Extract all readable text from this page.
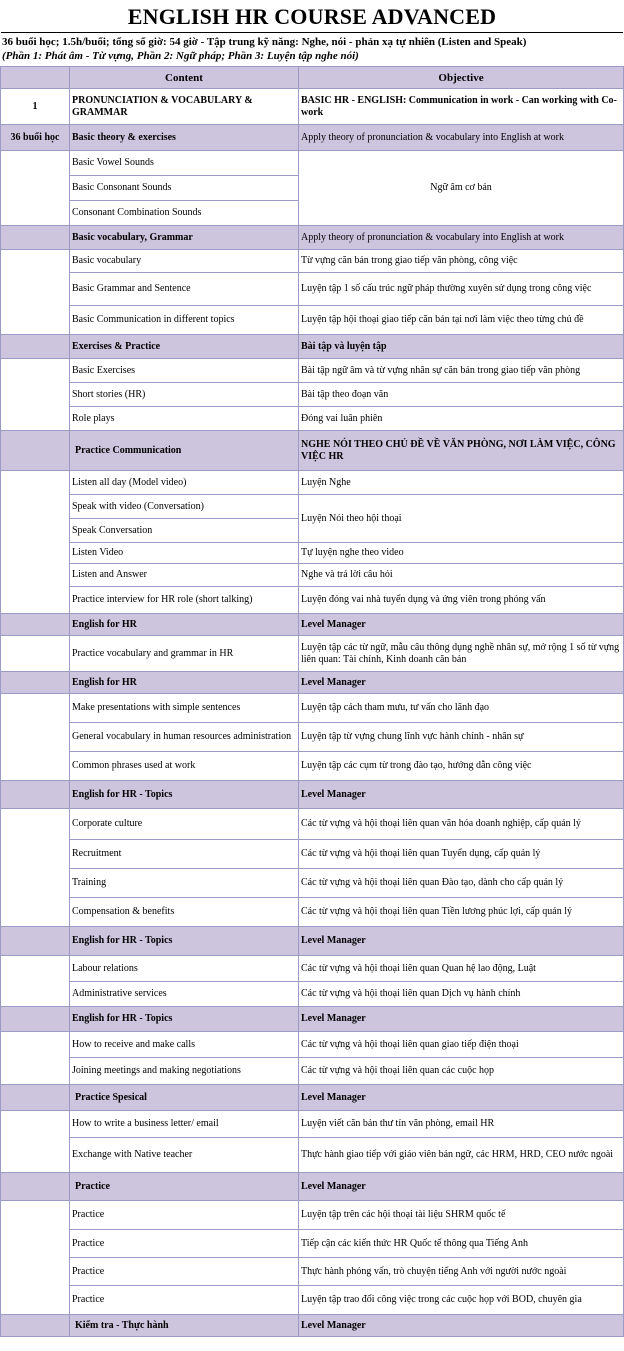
ENGLISH HR COURSE ADVANCED
36 buổi học; 1.5h/buổi; tổng số giờ: 54 giờ - Tập trung kỹ năng: Nghe, nói - phản xạ tự nhiên (Listen and Speak)
(Phần 1: Phát âm - Từ vựng, Phần 2: Ngữ pháp; Phần 3: Luyện tập nghe nói)
	Content	Objective
1	PRONUNCIATION & VOCABULARY & GRAMMAR	BASIC HR - ENGLISH: Communication in work - Can working with Co-work
36 buổi học	Basic theory & exercises	Apply theory of pronunciation & vocabulary into English at work
	Basic Vowel Sounds	Ngữ âm cơ bản
	Basic Consonant Sounds	
	Consonant Combination Sounds	
	Basic vocabulary, Grammar	Apply theory of pronunciation & vocabulary into English at work
	Basic vocabulary	Từ vựng căn bản trong giao tiếp văn phòng, công việc
	Basic Grammar and Sentence	Luyện tập 1 số cấu trúc ngữ pháp thường xuyên sử dụng trong công việc
	Basic Communication in different topics	Luyện tập hội thoại giao tiếp căn bản tại nơi làm việc theo từng chủ đề
	Exercises & Practice	Bài tập và luyện tập
	Basic Exercises	Bài tập ngữ âm và từ vựng nhân sự căn bản trong giao tiếp văn phòng
	Short stories (HR)	Bài tập theo đoạn văn
	Role plays	Đóng vai luân phiên
	Practice Communication	NGHE NÓI THEO CHỦ ĐỀ VỀ VĂN PHÒNG, NƠI LÀM VIỆC, CÔNG VIỆC HR
	Listen all day (Model video)	Luyện Nghe
	Speak with video (Conversation)	Luyện Nói theo hội thoại
	Speak Conversation	
	Listen Video	Tự luyện nghe theo video
	Listen and Answer	Nghe và trả lời câu hỏi
	Practice interview for HR role (short talking)	Luyện đóng vai nhà tuyển dụng và ứng viên trong phỏng vấn
	English for HR	Level Manager
	Practice vocabulary and grammar in HR	Luyện tập các từ ngữ, mẫu câu thông dụng nghề nhân sự, mở rộng 1 số từ vựng liên quan: Tài chính, Kinh doanh căn bản
	English for HR	Level Manager
	Make presentations with simple sentences	Luyện tập cách tham mưu, tư vấn cho lãnh đạo
	General vocabulary in human resources administration	Luyện tập từ vựng chung lĩnh vực hành chính - nhân sự
	Common phrases used at work	Luyện tập các cụm từ trong đào tạo, hướng dẫn công việc
	English for HR - Topics	Level Manager
	Corporate culture	Các từ vựng và hội thoại liên quan văn hóa doanh nghiệp, cấp quản lý
	Recruitment	Các từ vựng và hội thoại liên quan Tuyển dụng, cấp quản lý
	Training	Các từ vựng và hội thoại liên quan Đào tạo, dành cho cấp quản lý
	Compensation & benefits	Các từ vựng và hội thoại liên quan Tiền lương phúc lợi, cấp quản lý
	English for HR - Topics	Level Manager
	Labour relations	Các từ vựng và hội thoại liên quan Quan hệ lao động, Luật
	Administrative services	Các từ vựng và hội thoại liên quan Dịch vụ hành chính
	English for HR - Topics	Level Manager
	How to receive and make calls	Các từ vựng và hội thoại liên quan giao tiếp điện thoại
	Joining meetings and making negotiations	Các từ vựng và hội thoại liên quan các cuộc họp
	Practice Spesical	Level Manager
	How to write a business letter/ email	Luyện viết căn bản thư tín văn phòng, email HR
	Exchange with Native teacher	Thực hành giao tiếp với giáo viên bản ngữ, các HRM, HRD, CEO nước ngoài
	Practice	Level Manager
	Practice	Luyện tập trên các hội thoại tài liệu SHRM quốc tế
	Practice	Tiếp cận các kiến thức HR Quốc tế thông qua Tiếng Anh
	Practice	Thực hành phỏng vấn, trò chuyện tiếng Anh với người nước ngoài
	Practice	Luyện tập trao đổi công việc trong các cuộc họp với BOD, chuyên gia
	Kiểm tra - Thực hành	Level Manager
